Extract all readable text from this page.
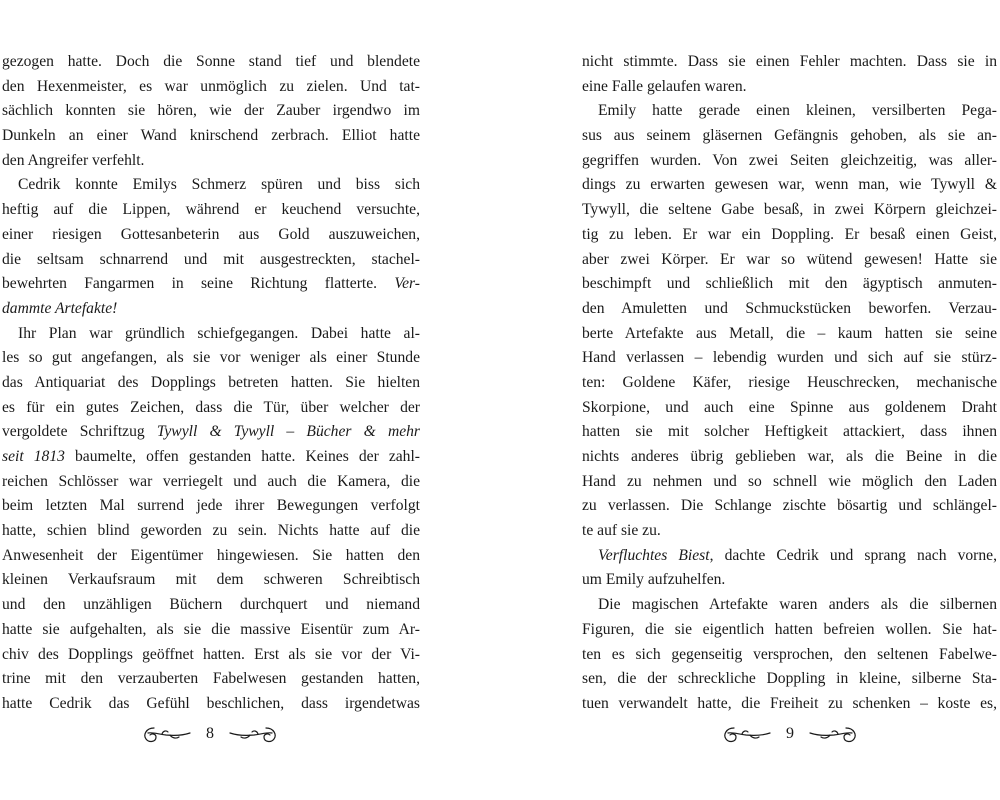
gezogen hatte. Doch die Sonne stand tief und blendete
den Hexenmeister, es war unmöglich zu zielen. Und tat-
sächlich konnten sie hören, wie der Zauber irgendwo im
Dunkeln an einer Wand knirschend zerbrach. Elliot hatte
den Angreifer verfehlt.
Cedrik konnte Emilys Schmerz spüren und biss sich
heftig auf die Lippen, während er keuchend versuchte,
einer riesigen Gottesanbeterin aus Gold auszuweichen,
die seltsam schnarrend und mit ausgestreckten, stachel-
bewehrten Fangarmen in seine Richtung flatterte. Ver-
dammte Artefakte!
Ihr Plan war gründlich schiefgegangen. Dabei hatte al-
les so gut angefangen, als sie vor weniger als einer Stunde
das Antiquariat des Dopplings betreten hatten. Sie hielten
es für ein gutes Zeichen, dass die Tür, über welcher der
vergoldete Schriftzug Tywyll & Tywyll – Bücher & mehr
seit 1813 baumelte, offen gestanden hatte. Keines der zahl-
reichen Schlösser war verriegelt und auch die Kamera, die
beim letzten Mal surrend jede ihrer Bewegungen verfolgt
hatte, schien blind geworden zu sein. Nichts hatte auf die
Anwesenheit der Eigentümer hingewiesen. Sie hatten den
kleinen Verkaufsraum mit dem schweren Schreibtisch
und den unzähligen Büchern durchquert und niemand
hatte sie aufgehalten, als sie die massive Eisentür zum Ar-
chiv des Dopplings geöffnet hatten. Erst als sie vor der Vi-
trine mit den verzauberten Fabelwesen gestanden hatten,
hatte Cedrik das Gefühl beschlichen, dass irgendetwas
nicht stimmte. Dass sie einen Fehler machten. Dass sie in
eine Falle gelaufen waren.
Emily hatte gerade einen kleinen, versilberten Pega-
sus aus seinem gläsernen Gefängnis gehoben, als sie an-
gegriffen wurden. Von zwei Seiten gleichzeitig, was aller-
dings zu erwarten gewesen war, wenn man, wie Tywyll &
Tywyll, die seltene Gabe besaß, in zwei Körpern gleichzei-
tig zu leben. Er war ein Doppling. Er besaß einen Geist,
aber zwei Körper. Er war so wütend gewesen! Hatte sie
beschimpft und schließlich mit den ägyptisch anmuten-
den Amuletten und Schmuckstücken beworfen. Verzau-
berte Artefakte aus Metall, die – kaum hatten sie seine
Hand verlassen – lebendig wurden und sich auf sie stürz-
ten: Goldene Käfer, riesige Heuschrecken, mechanische
Skorpione, und auch eine Spinne aus goldenem Draht
hatten sie mit solcher Heftigkeit attackiert, dass ihnen
nichts anderes übrig geblieben war, als die Beine in die
Hand zu nehmen und so schnell wie möglich den Laden
zu verlassen. Die Schlange zischte bösartig und schlängel-
te auf sie zu.
Verfluchtes Biest, dachte Cedrik und sprang nach vorne,
um Emily aufzuhelfen.
Die magischen Artefakte waren anders als die silbernen
Figuren, die sie eigentlich hatten befreien wollen. Sie hat-
ten es sich gegenseitig versprochen, den seltenen Fabelwe-
sen, die der schreckliche Doppling in kleine, silberne Sta-
tuen verwandelt hatte, die Freiheit zu schenken – koste es,
8	9
